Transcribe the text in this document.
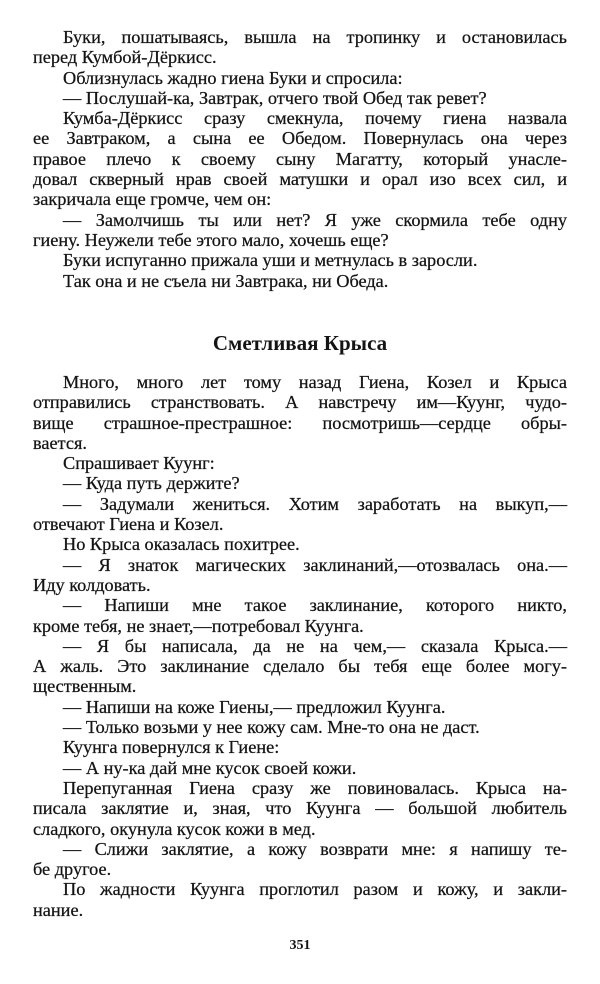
Буки, пошатываясь, вышла на тропинку и остановилась
перед Кумбой-Дёркисс.
Облизнулась жадно гиена Буки и спросила:
— Послушай-ка, Завтрак, отчего твой Обед так ревет?
Кумба-Дёркисс сразу смекнула, почему гиена назвала
ее Завтраком, а сына ее Обедом. Повернулась она через
правое плечо к своему сыну Магатту, который унасле-
довал скверный нрав своей матушки и орал изо всех сил, и
закричала еще громче, чем он:
— Замолчишь ты или нет? Я уже скормила тебе одну
гиену. Неужели тебе этого мало, хочешь еще?
Буки испуганно прижала уши и метнулась в заросли.
Так она и не съела ни Завтрака, ни Обеда.
Сметливая Крыса
Много, много лет тому назад Гиена, Козел и Крыса
отправились странствовать. А навстречу им—Куунг, чудо-
вище страшное-престрашное: посмотришь—сердце обры-
вается.
Спрашивает Куунг:
— Куда путь держите?
— Задумали жениться. Хотим заработать на выкуп,—
отвечают Гиена и Козел.
Но Крыса оказалась похитрее.
— Я знаток магических заклинаний,—отозвалась она.—
Иду колдовать.
— Напиши мне такое заклинание, которого никто,
кроме тебя, не знает,—потребовал Куунга.
— Я бы написала, да не на чем,— сказала Крыса.—
А жаль. Это заклинание сделало бы тебя еще более могу-
щественным.
— Напиши на коже Гиены,— предложил Куунга.
— Только возьми у нее кожу сам. Мне-то она не даст.
Куунга повернулся к Гиене:
— А ну-ка дай мне кусок своей кожи.
Перепуганная Гиена сразу же повиновалась. Крыса на-
писала заклятие и, зная, что Куунга — большой любитель
сладкого, окунула кусок кожи в мед.
— Слижи заклятие, а кожу возврати мне: я напишу те-
бе другое.
По жадности Куунга проглотил разом и кожу, и закли-
нание.
351
